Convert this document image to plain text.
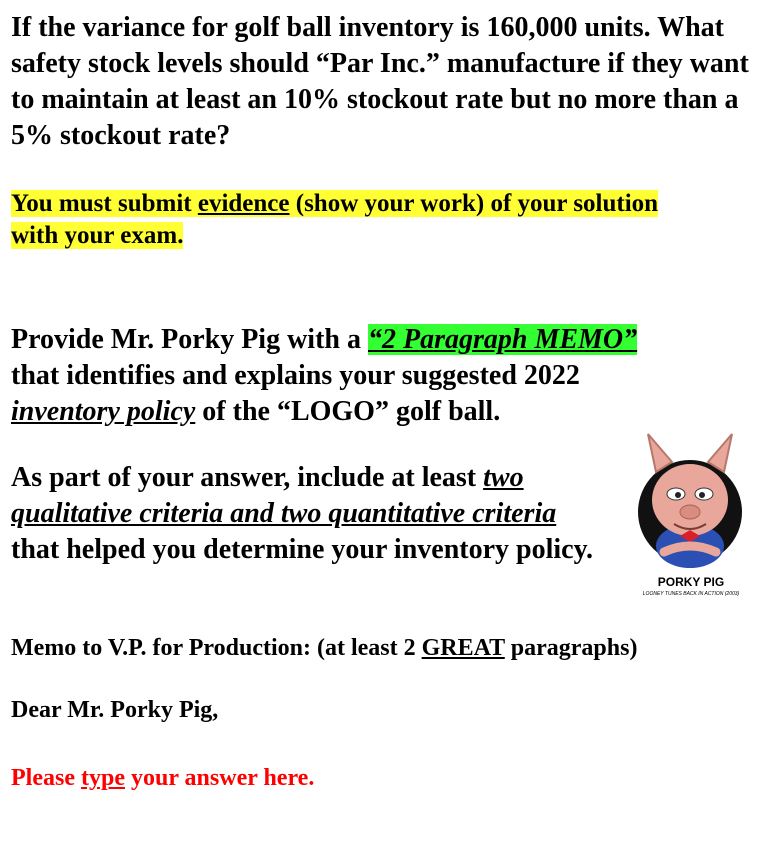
If the variance for golf ball inventory is 160,000 units. What safety stock levels should “Par Inc.” manufacture if they want to maintain at least an 10% stockout rate but no more than a 5% stockout rate?

You must submit evidence (show your work) of your solution
with your exam.

Provide Mr. Porky Pig with a “2 Paragraph MEMO”
that identifies and explains your suggested 2022
inventory policy of the “LOGO” golf ball.

As part of your answer, include at least two
qualitative criteria and two quantitative criteria
that helped you determine your inventory policy.

PORKY PIG
LOONEY TUNES BACK IN ACTION (2003)

Memo to V.P. for Production: (at least 2 GREAT paragraphs)

Dear Mr. Porky Pig,

Please type your answer here.
